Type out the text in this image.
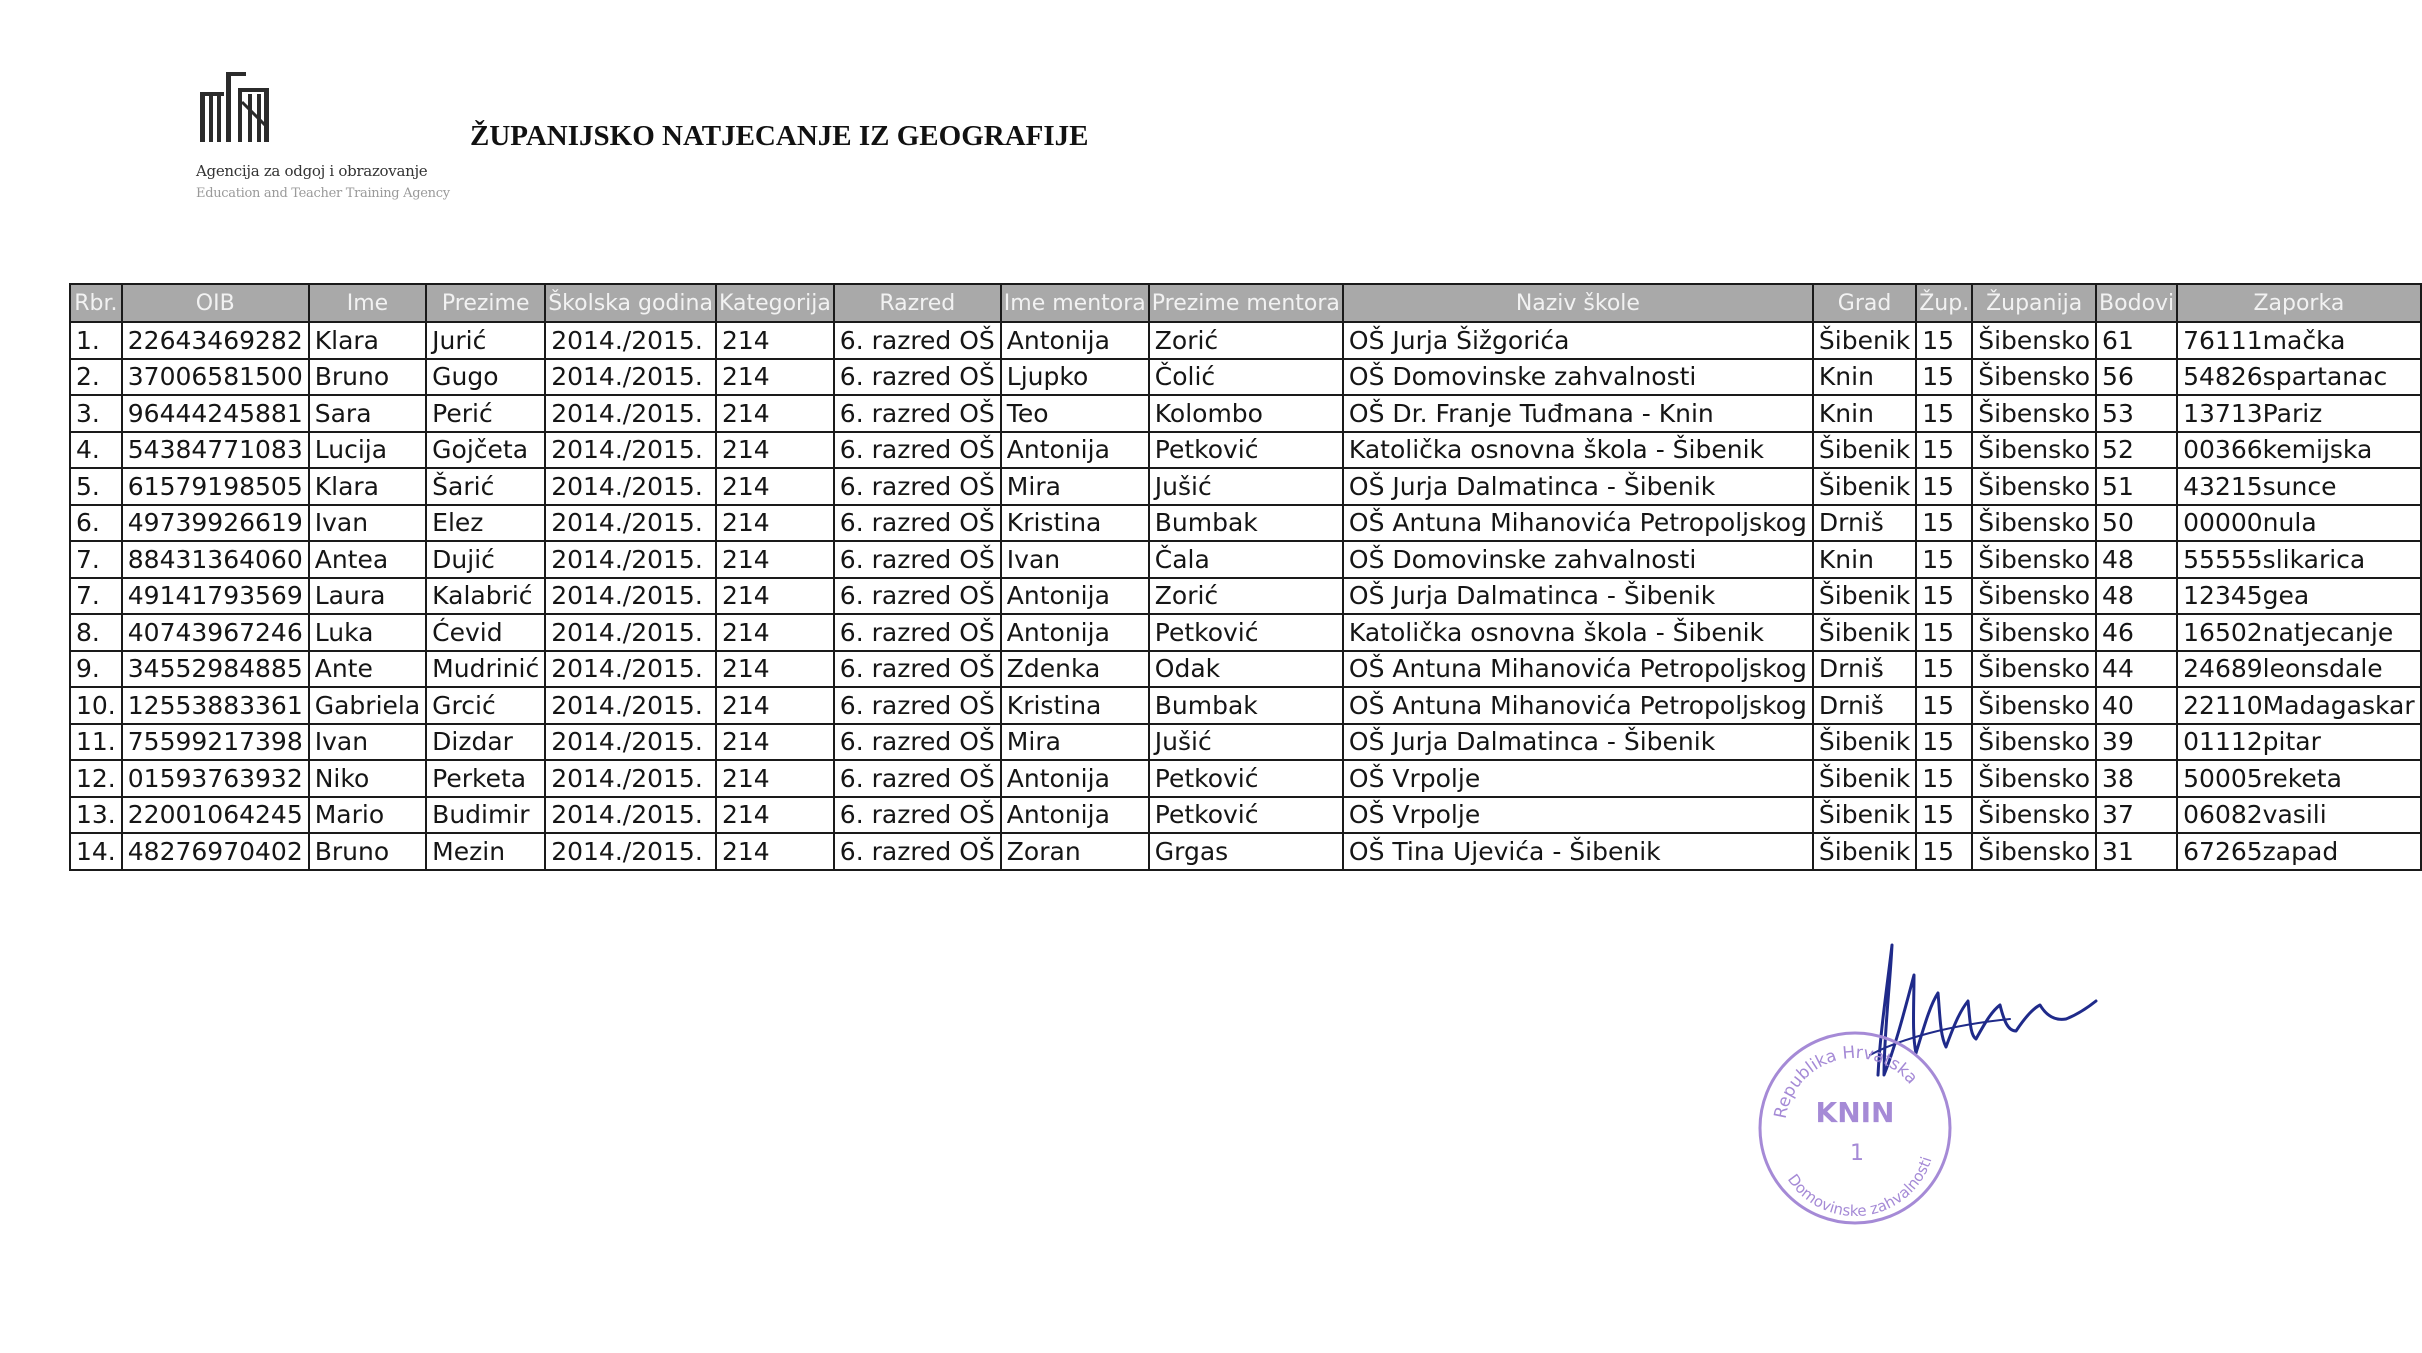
Agencija za odgoj i obrazovanje
Education and Teacher Training Agency
ŽUPANIJSKO NATJECANJE IZ GEOGRAFIJE
Rbr.	OIB	Ime	Prezime	Školska godina	Kategorija	Razred	Ime mentora	Prezime mentora	Naziv škole	Grad	Žup.	Županija	Bodovi	Zaporka
1.	22643469282	Klara	Jurić	2014./2015.	214	6. razred OŠ	Antonija	Zorić	OŠ Jurja Šižgorića	Šibenik	15	Šibensko	61	76111mačka
2.	37006581500	Bruno	Gugo	2014./2015.	214	6. razred OŠ	Ljupko	Čolić	OŠ Domovinske zahvalnosti	Knin	15	Šibensko	56	54826spartanac
3.	96444245881	Sara	Perić	2014./2015.	214	6. razred OŠ	Teo	Kolombo	OŠ Dr. Franje Tuđmana - Knin	Knin	15	Šibensko	53	13713Pariz
4.	54384771083	Lucija	Gojčeta	2014./2015.	214	6. razred OŠ	Antonija	Petković	Katolička osnovna škola - Šibenik	Šibenik	15	Šibensko	52	00366kemijska
5.	61579198505	Klara	Šarić	2014./2015.	214	6. razred OŠ	Mira	Jušić	OŠ Jurja Dalmatinca - Šibenik	Šibenik	15	Šibensko	51	43215sunce
6.	49739926619	Ivan	Elez	2014./2015.	214	6. razred OŠ	Kristina	Bumbak	OŠ Antuna Mihanovića Petropoljskog	Drniš	15	Šibensko	50	00000nula
7.	88431364060	Antea	Dujić	2014./2015.	214	6. razred OŠ	Ivan	Čala	OŠ Domovinske zahvalnosti	Knin	15	Šibensko	48	55555slikarica
7.	49141793569	Laura	Kalabrić	2014./2015.	214	6. razred OŠ	Antonija	Zorić	OŠ Jurja Dalmatinca - Šibenik	Šibenik	15	Šibensko	48	12345gea
8.	40743967246	Luka	Ćevid	2014./2015.	214	6. razred OŠ	Antonija	Petković	Katolička osnovna škola - Šibenik	Šibenik	15	Šibensko	46	16502natjecanje
9.	34552984885	Ante	Mudrinić	2014./2015.	214	6. razred OŠ	Zdenka	Odak	OŠ Antuna Mihanovića Petropoljskog	Drniš	15	Šibensko	44	24689leonsdale
10.	12553883361	Gabriela	Grcić	2014./2015.	214	6. razred OŠ	Kristina	Bumbak	OŠ Antuna Mihanovića Petropoljskog	Drniš	15	Šibensko	40	22110Madagaskar
11.	75599217398	Ivan	Dizdar	2014./2015.	214	6. razred OŠ	Mira	Jušić	OŠ Jurja Dalmatinca - Šibenik	Šibenik	15	Šibensko	39	01112pitar
12.	01593763932	Niko	Perketa	2014./2015.	214	6. razred OŠ	Antonija	Petković	OŠ Vrpolje	Šibenik	15	Šibensko	38	50005reketa
13.	22001064245	Mario	Budimir	2014./2015.	214	6. razred OŠ	Antonija	Petković	OŠ Vrpolje	Šibenik	15	Šibensko	37	06082vasili
14.	48276970402	Bruno	Mezin	2014./2015.	214	6. razred OŠ	Zoran	Grgas	OŠ Tina Ujevića - Šibenik	Šibenik	15	Šibensko	31	67265zapad
Republika Hrvatska
Domovinske zahvalnosti
KNIN
1
